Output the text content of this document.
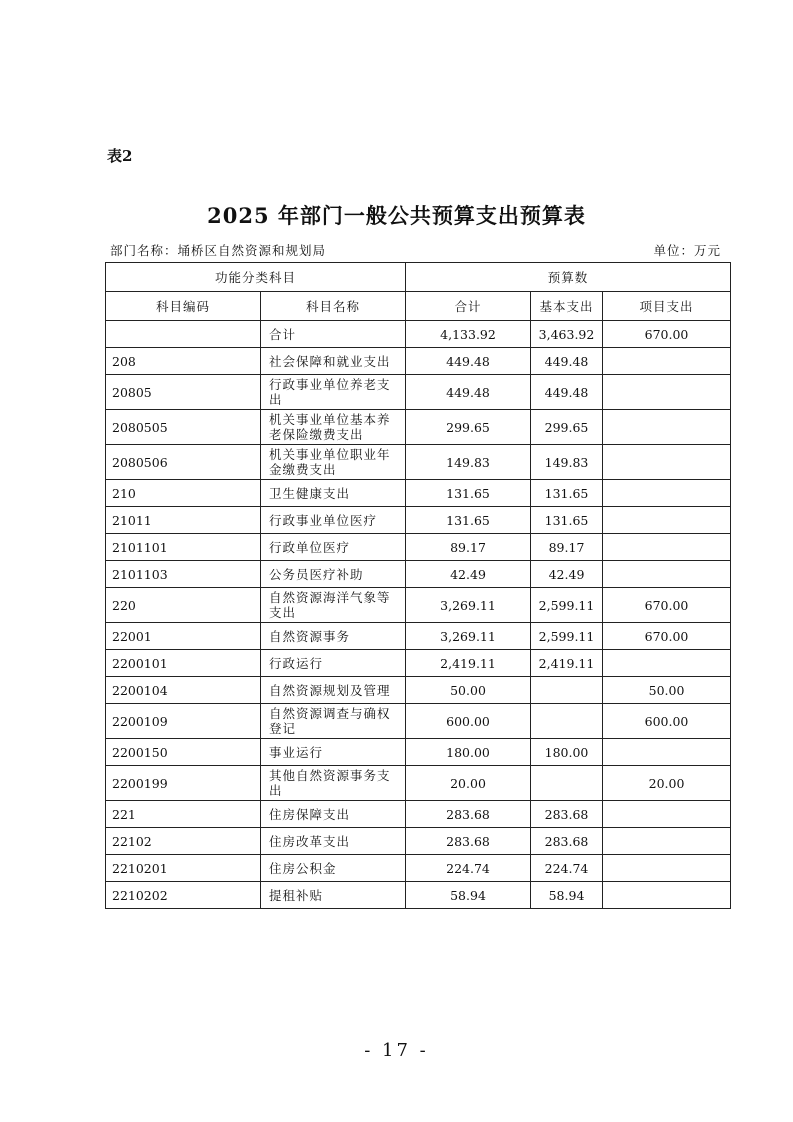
表2
2025 年部门一般公共预算支出预算表
部门名称：埇桥区自然资源和规划局	单位：万元
功能分类科目		预算数		
科目编码	科目名称	合计	基本支出	项目支出
	合计	4,133.92	3,463.92	670.00
208	社会保障和就业支出	449.48	449.48	
20805	行政事业单位养老支出	449.48	449.48	
2080505	机关事业单位基本养老保险缴费支出	299.65	299.65	
2080506	机关事业单位职业年金缴费支出	149.83	149.83	
210	卫生健康支出	131.65	131.65	
21011	行政事业单位医疗	131.65	131.65	
2101101	行政单位医疗	89.17	89.17	
2101103	公务员医疗补助	42.49	42.49	
220	自然资源海洋气象等支出	3,269.11	2,599.11	670.00
22001	自然资源事务	3,269.11	2,599.11	670.00
2200101	行政运行	2,419.11	2,419.11	
2200104	自然资源规划及管理	50.00		50.00
2200109	自然资源调查与确权登记	600.00		600.00
2200150	事业运行	180.00	180.00	
2200199	其他自然资源事务支出	20.00		20.00
221	住房保障支出	283.68	283.68	
22102	住房改革支出	283.68	283.68	
2210201	住房公积金	224.74	224.74	
2210202	提租补贴	58.94	58.94	
- 17 -
